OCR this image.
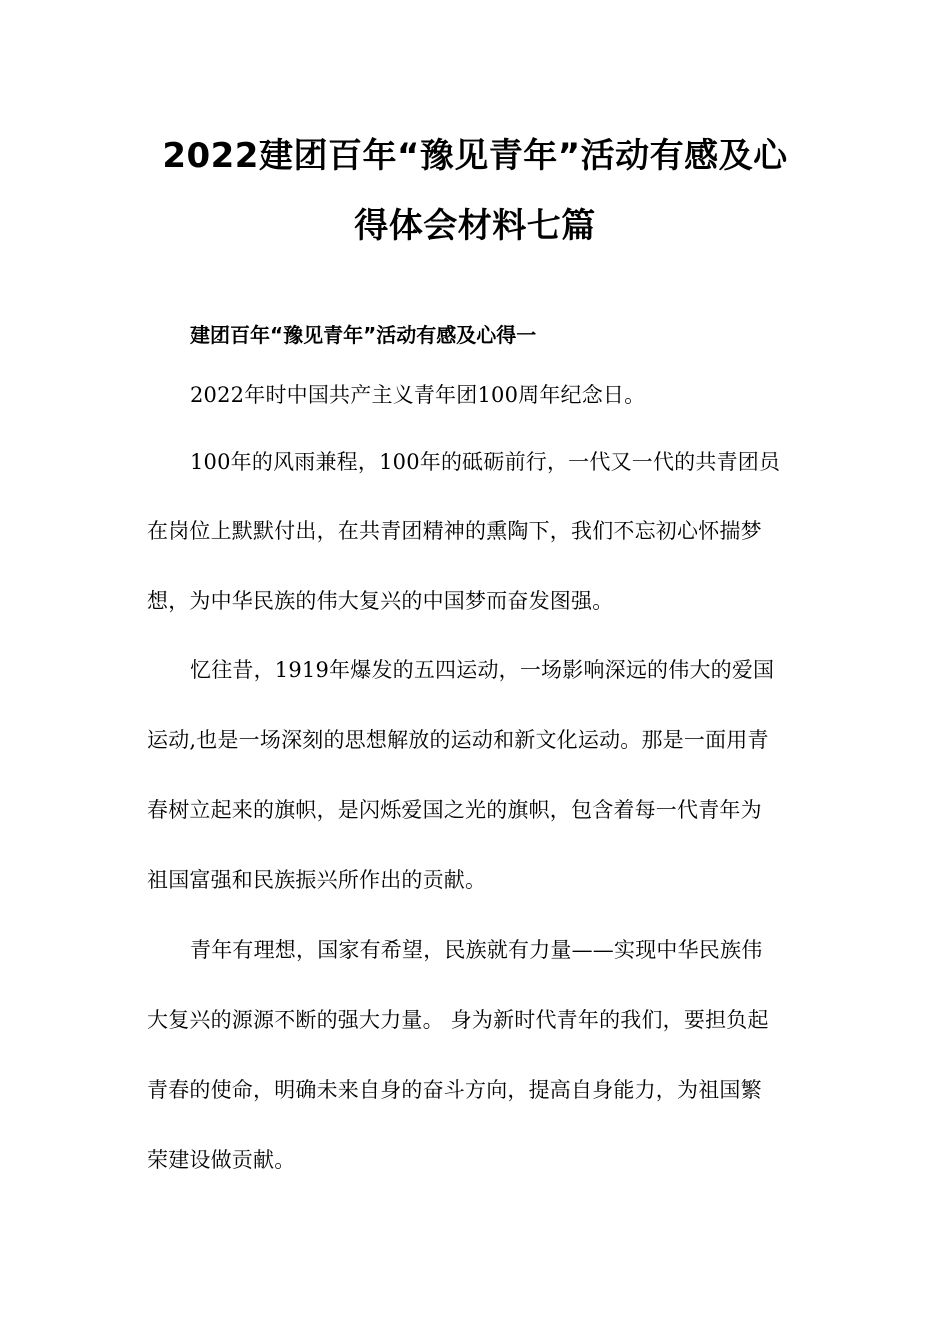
2022建团百年“豫见青年”活动有感及心
得体会材料七篇
建团百年“豫见青年”活动有感及心得一
2022年时中国共产主义青年团100周年纪念日。
100年的风雨兼程，100年的砥砺前行，一代又一代的共青团员
在岗位上默默付出，在共青团精神的熏陶下，我们不忘初心怀揣梦
想，为中华民族的伟大复兴的中国梦而奋发图强。
忆往昔，1919年爆发的五四运动，一场影响深远的伟大的爱国
运动,也是一场深刻的思想解放的运动和新文化运动。那是一面用青
春树立起来的旗帜，是闪烁爱国之光的旗帜，包含着每一代青年为
祖国富强和民族振兴所作出的贡献。
青年有理想，国家有希望，民族就有力量——实现中华民族伟
大复兴的源源不断的强大力量。 身为新时代青年的我们，要担负起
青春的使命，明确未来自身的奋斗方向，提高自身能力，为祖国繁
荣建设做贡献。
